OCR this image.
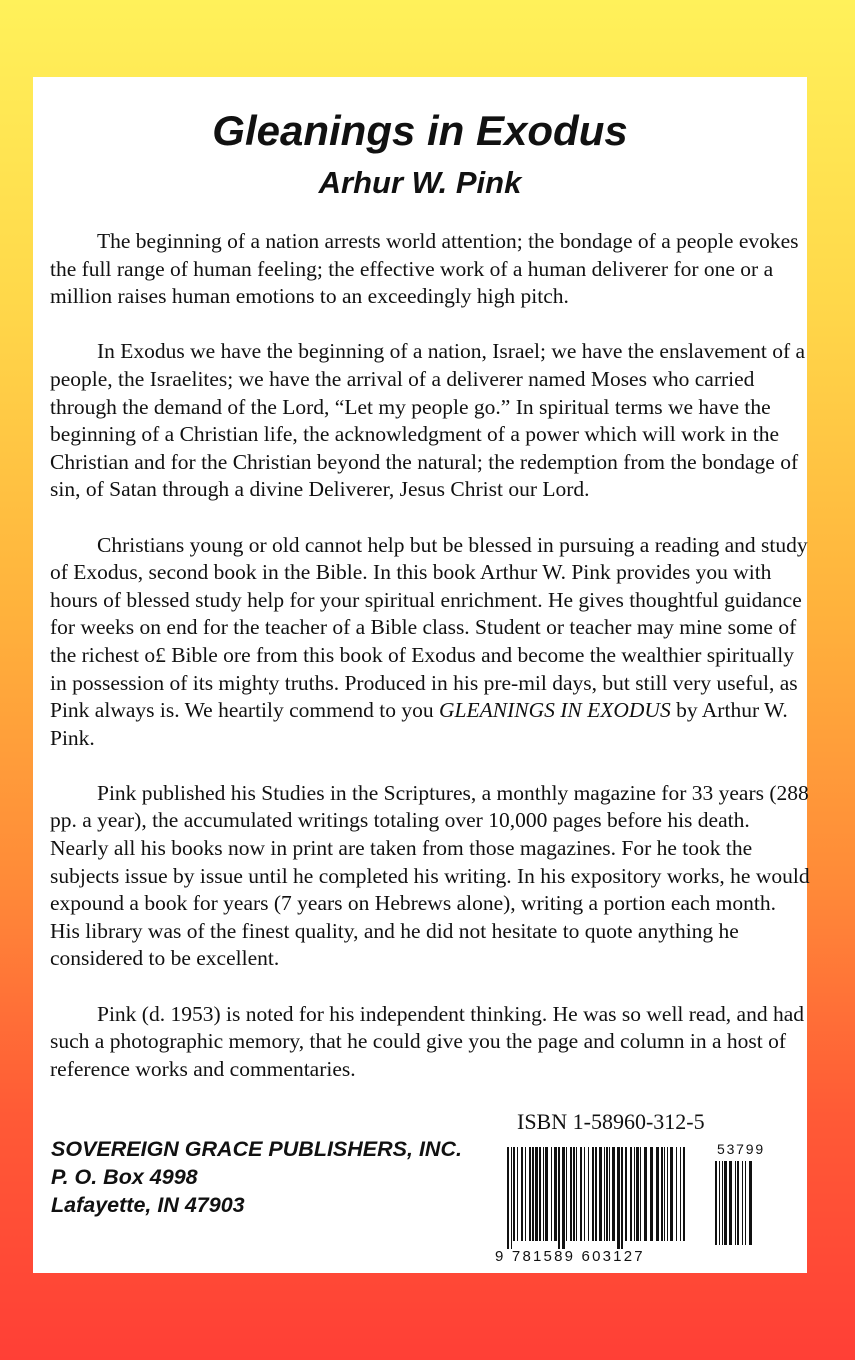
Gleanings in Exodus
Arhur W. Pink

The beginning of a nation arrests world attention; the bondage of a people evokes the full range of human feeling; the effective work of a human deliverer for one or a million raises human emotions to an exceedingly high pitch.

In Exodus we have the beginning of a nation, Israel; we have the enslavement of a people, the Israelites; we have the arrival of a deliverer named Moses who carried through the demand of the Lord, “Let my people go.” In spiritual terms we have the beginning of a Christian life, the acknowledgment of a power which will work in the Christian and for the Christian beyond the natural; the redemption from the bondage of sin, of Satan through a divine Deliverer, Jesus Christ our Lord.

Christians young or old cannot help but be blessed in pursuing a reading and study of Exodus, second book in the Bible. In this book Arthur W. Pink provides you with hours of blessed study help for your spiritual enrichment. He gives thoughtful guidance for weeks on end for the teacher of a Bible class. Student or teacher may mine some of the richest o£ Bible ore from this book of Exodus and become the wealthier spiritually in possession of its mighty truths. Produced in his pre-mil days, but still very useful, as Pink always is. We heartily commend to you GLEANINGS IN EXODUS by Arthur W. Pink.

Pink published his Studies in the Scriptures, a monthly magazine for 33 years (288 pp. a year), the accumulated writings totaling over 10,000 pages before his death. Nearly all his books now in print are taken from those magazines. For he took the subjects issue by issue until he completed his writing. In his expository works, he would expound a book for years (7 years on Hebrews alone), writing a portion each month. His library was of the finest quality, and he did not hesitate to quote anything he considered to be excellent.

Pink (d. 1953) is noted for his independent thinking. He was so well read, and had such a photographic memory, that he could give you the page and column in a host of reference works and commentaries.

SOVEREIGN GRACE PUBLISHERS, INC.
P. O. Box 4998
Lafayette, IN 47903
ISBN 1-58960-312-5
9 781589 603127
53799
